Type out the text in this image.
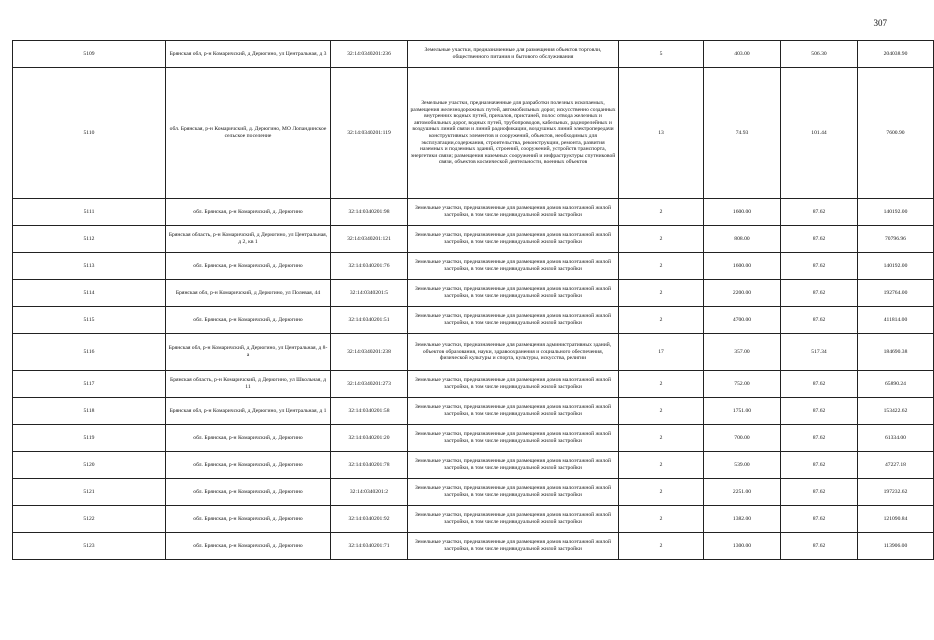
307
5109	Брянская обл, р-н Комаричский, д Дерюгино, ул Центральная, д 3	32:14:0340201:236	Земельные участки, предназначенные для размещения объектов торговли, общественного питания и бытового обслуживания	5	403.00	506.30	204038.90
5110	обл. Брянская, р-н Комаричский, д. Дерюгино, МО Лопандинское сельское поселение	32:14:0340201:119	Земельные участки, предназначенные для разработки полезных ископаемых, размещения железнодорожных путей, автомобильных дорог, искусственно созданных внутренних водных путей, причалов, пристаней, полос отвода железных и автомобильных дорог, водных путей, трубопроводов, кабельных, радиорелейных и воздушных линий связи и линий радиофикации, воздушных линий электропередачи конструктивных элементов и сооружений, объектов, необходимых для эксплуатации,содержания, строительства, реконструкции, ремонта, развития наземных и подземных зданий, строений, сооружений, устройств транспорта, энергетики связи; размещения наземных сооружений и инфраструктуры спутниковой связи, объектов космической деятельности, военных объектов	13	74.93	101.44	7600.90
5111	обл. Брянская, р-н Комаричский, д. Дерюгино	32:14:0340201:98	Земельные участки, предназначенные для размещения домов малоэтажной жилой застройки, в том числе индивидуальной жилой застройки	2	1600.00	87.62	140192.00
5112	Брянская область, р-н Комаричский, д Дерюгино, ул Центральная, д 2, кв 1	32:14:0340201:121	Земельные участки, предназначенные для размещения домов малоэтажной жилой застройки, в том числе индивидуальной жилой застройки	2	808.00	87.62	70796.96
5113	обл. Брянская, р-н Комаричский, д. Дерюгино	32:14:0340201:76	Земельные участки, предназначенные для размещения домов малоэтажной жилой застройки, в том числе индивидуальной жилой застройки	2	1600.00	87.62	140192.00
5114	Брянская обл, р-н Комаричский, д Дерюгино, ул Полевая, 44	32:14:0340201:5	Земельные участки, предназначенные для размещения домов малоэтажной жилой застройки, в том числе индивидуальной жилой застройки	2	2200.00	87.62	192764.00
5115	обл. Брянская, р-н Комаричский, д. Дерюгино	32:14:0340201:51	Земельные участки, предназначенные для размещения домов малоэтажной жилой застройки, в том числе индивидуальной жилой застройки	2	4700.00	87.62	411814.00
5116	Брянская обл, р-н Комаричский, д Дерюгино, ул Центральная, д 8-а	32:14:0340201:238	Земельные участки, предназначенные для размещения административных зданий, объектов образования, науки, здравоохранения и социального обеспечения, физической культуры и спорта, культуры, искусства, религии	17	357.00	517.34	184690.38
5117	Брянская область, р-н Комаричский, д Дерюгино, ул Школьная, д 11	32:14:0340201:273	Земельные участки, предназначенные для размещения домов малоэтажной жилой застройки, в том числе индивидуальной жилой застройки	2	752.00	87.62	65890.24
5118	Брянская обл, р-н Комаричский, д Дерюгино, ул Центральная, д 1	32:14:0340201:58	Земельные участки, предназначенные для размещения домов малоэтажной жилой застройки, в том числе индивидуальной жилой застройки	2	1751.00	87.62	153422.62
5119	обл. Брянская, р-н Комаричский, д. Дерюгино	32:14:0340201:20	Земельные участки, предназначенные для размещения домов малоэтажной жилой застройки, в том числе индивидуальной жилой застройки	2	700.00	87.62	61334.00
5120	обл. Брянская, р-н Комаричский, д. Дерюгино	32:14:0340201:78	Земельные участки, предназначенные для размещения домов малоэтажной жилой застройки, в том числе индивидуальной жилой застройки	2	539.00	87.62	47227.18
5121	обл. Брянская, р-н Комаричский, д. Дерюгино	32:14:0340201:2	Земельные участки, предназначенные для размещения домов малоэтажной жилой застройки, в том числе индивидуальной жилой застройки	2	2251.00	87.62	197232.62
5122	обл. Брянская, р-н Комаричский, д. Дерюгино	32:14:0340201:92	Земельные участки, предназначенные для размещения домов малоэтажной жилой застройки, в том числе индивидуальной жилой застройки	2	1382.00	87.62	121090.84
5123	обл. Брянская, р-н Комаричский, д. Дерюгино	32:14:0340201:71	Земельные участки, предназначенные для размещения домов малоэтажной жилой застройки, в том числе индивидуальной жилой застройки	2	1300.00	87.62	113906.00
